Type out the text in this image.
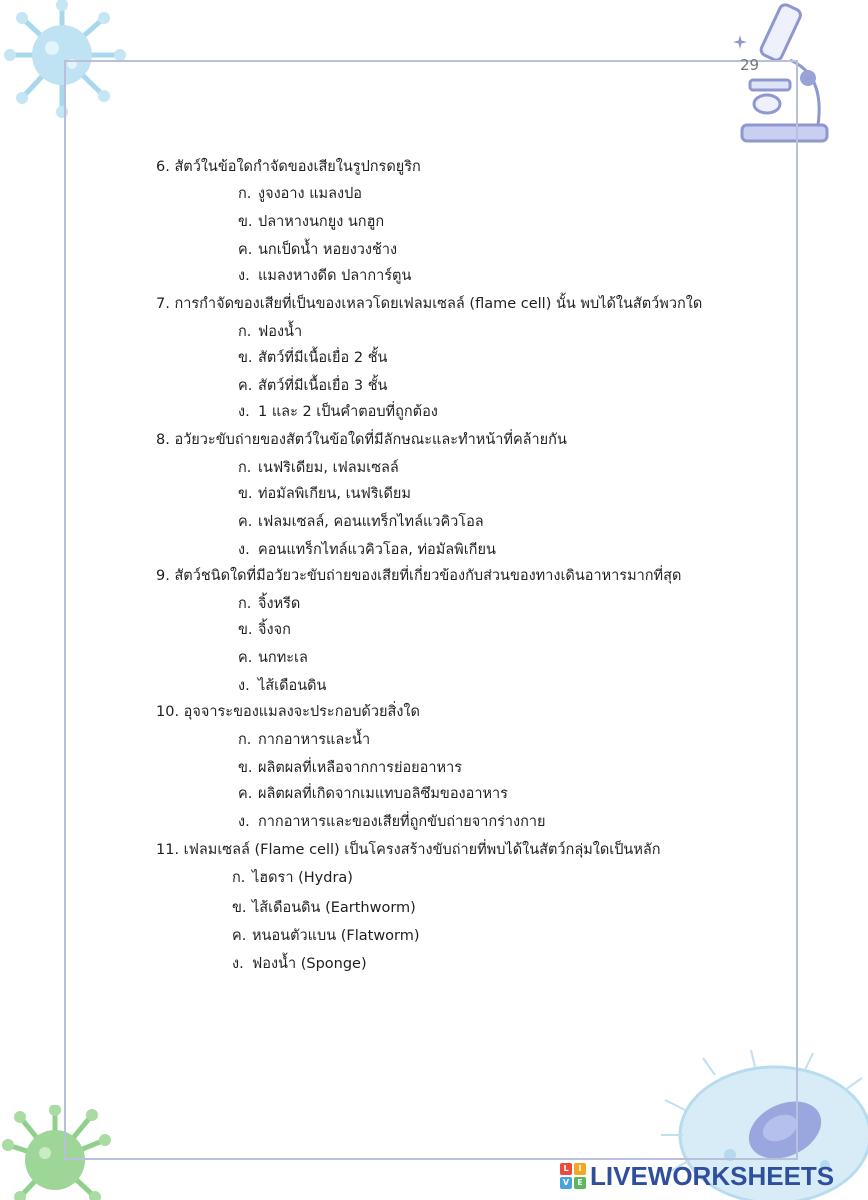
29
6. สัตว์ในข้อใดกำจัดของเสียในรูปกรดยูริก
ก. งูจงอาง แมลงปอ
ข. ปลาหางนกยูง นกฮูก
ค. นกเป็ดน้ำ หอยงวงช้าง
ง. แมลงหางดีด ปลาการ์ตูน
7. การกำจัดของเสียที่เป็นของเหลวโดยเฟลมเซลล์ (flame cell) นั้น พบได้ในสัตว์พวกใด
ก. ฟองน้ำ
ข. สัตว์ที่มีเนื้อเยื่อ 2 ชั้น
ค. สัตว์ที่มีเนื้อเยื่อ 3 ชั้น
ง. 1 และ 2 เป็นคำตอบที่ถูกต้อง
8. อวัยวะขับถ่ายของสัตว์ในข้อใดที่มีลักษณะและทำหน้าที่คล้ายกัน
ก. เนฟริเดียม, เฟลมเซลล์
ข. ท่อมัลพิเกียน, เนฟริเดียม
ค. เฟลมเซลล์, คอนแทร็กไทล์แวคิวโอล
ง. คอนแทร็กไทล์แวคิวโอล, ท่อมัลพิเกียน
9. สัตว์ชนิดใดที่มีอวัยวะขับถ่ายของเสียที่เกี่ยวข้องกับส่วนของทางเดินอาหารมากที่สุด
ก. จิ้งหรีด
ข. จิ้งจก
ค. นกทะเล
ง. ไส้เดือนดิน
10. อุจจาระของแมลงจะประกอบด้วยสิ่งใด
ก. กากอาหารและน้ำ
ข. ผลิตผลที่เหลือจากการย่อยอาหาร
ค. ผลิตผลที่เกิดจากเมแทบอลิซึมของอาหาร
ง. กากอาหารและของเสียที่ถูกขับถ่ายจากร่างกาย
11. เฟลมเซลล์ (Flame cell) เป็นโครงสร้างขับถ่ายที่พบได้ในสัตว์กลุ่มใดเป็นหลัก
ก. ไฮดรา (Hydra)
ข. ไส้เดือนดิน (Earthworm)
ค. หนอนตัวแบน (Flatworm)
ง. ฟองน้ำ (Sponge)
L	I
V	E LIVEWORKSHEETS
